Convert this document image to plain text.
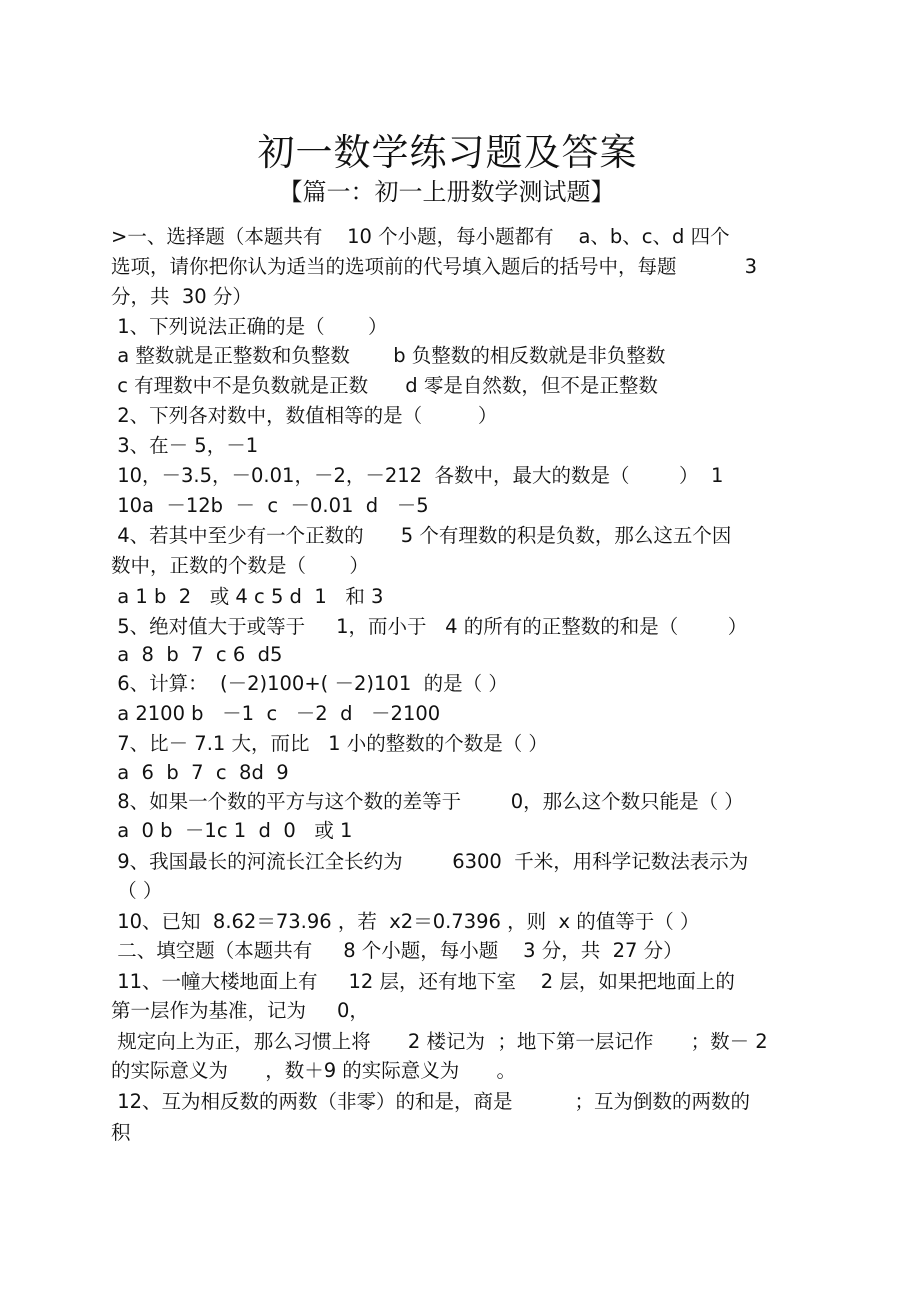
初一数学练习题及答案
【篇一：初一上册数学测试题】

>一、选择题（本题共有    10 个小题，每小题都有    a、b、c、d 四个

选项，请你把你认为适当的选项前的代号填入题后的括号中，每题           3

分，共  30 分）

1、下列说法正确的是（       ）

a 整数就是正整数和负整数       b 负整数的相反数就是非负整数

c 有理数中不是负数就是正数      d 零是自然数，但不是正整数

2、下列各对数中，数值相等的是（         ）

3、在－ 5，－1

10，－3.5，－0.01，－2，－212  各数中，最大的数是（        ）  1

10a  －12b  －  c  －0.01  d   －5

4、若其中至少有一个正数的      5 个有理数的积是负数，那么这五个因

数中，正数的个数是（       ）

a 1 b  2   或 4 c 5 d  1   和 3

5、绝对值大于或等于     1，而小于   4 的所有的正整数的和是（        ）

a  8  b  7  c 6  d5

6、计算：  (－2)100+( －2)101  的是（ ）

a 2100 b   －1  c   －2  d   －2100

7、比－ 7.1 大，而比   1 小的整数的个数是（ ）

a  6  b  7  c  8d  9

8、如果一个数的平方与这个数的差等于        0，那么这个数只能是（ ）

a  0 b  －1c 1  d  0   或 1

9、我国最长的河流长江全长约为        6300  千米，用科学记数法表示为

（ ）

10、已知  8.62＝73.96 ，若  x2＝0.7396 ，则  x 的值等于（ ）

二、填空题（本题共有     8 个小题，每小题    3 分，共  27 分）

11、一幢大楼地面上有     12 层，还有地下室    2 层，如果把地面上的

第一层作为基准，记为     0，

规定向上为正，那么习惯上将      2 楼记为  ；地下第一层记作      ；数－ 2

的实际意义为      ，数＋9 的实际意义为      。

12、互为相反数的两数（非零）的和是，商是          ；互为倒数的两数的

积
